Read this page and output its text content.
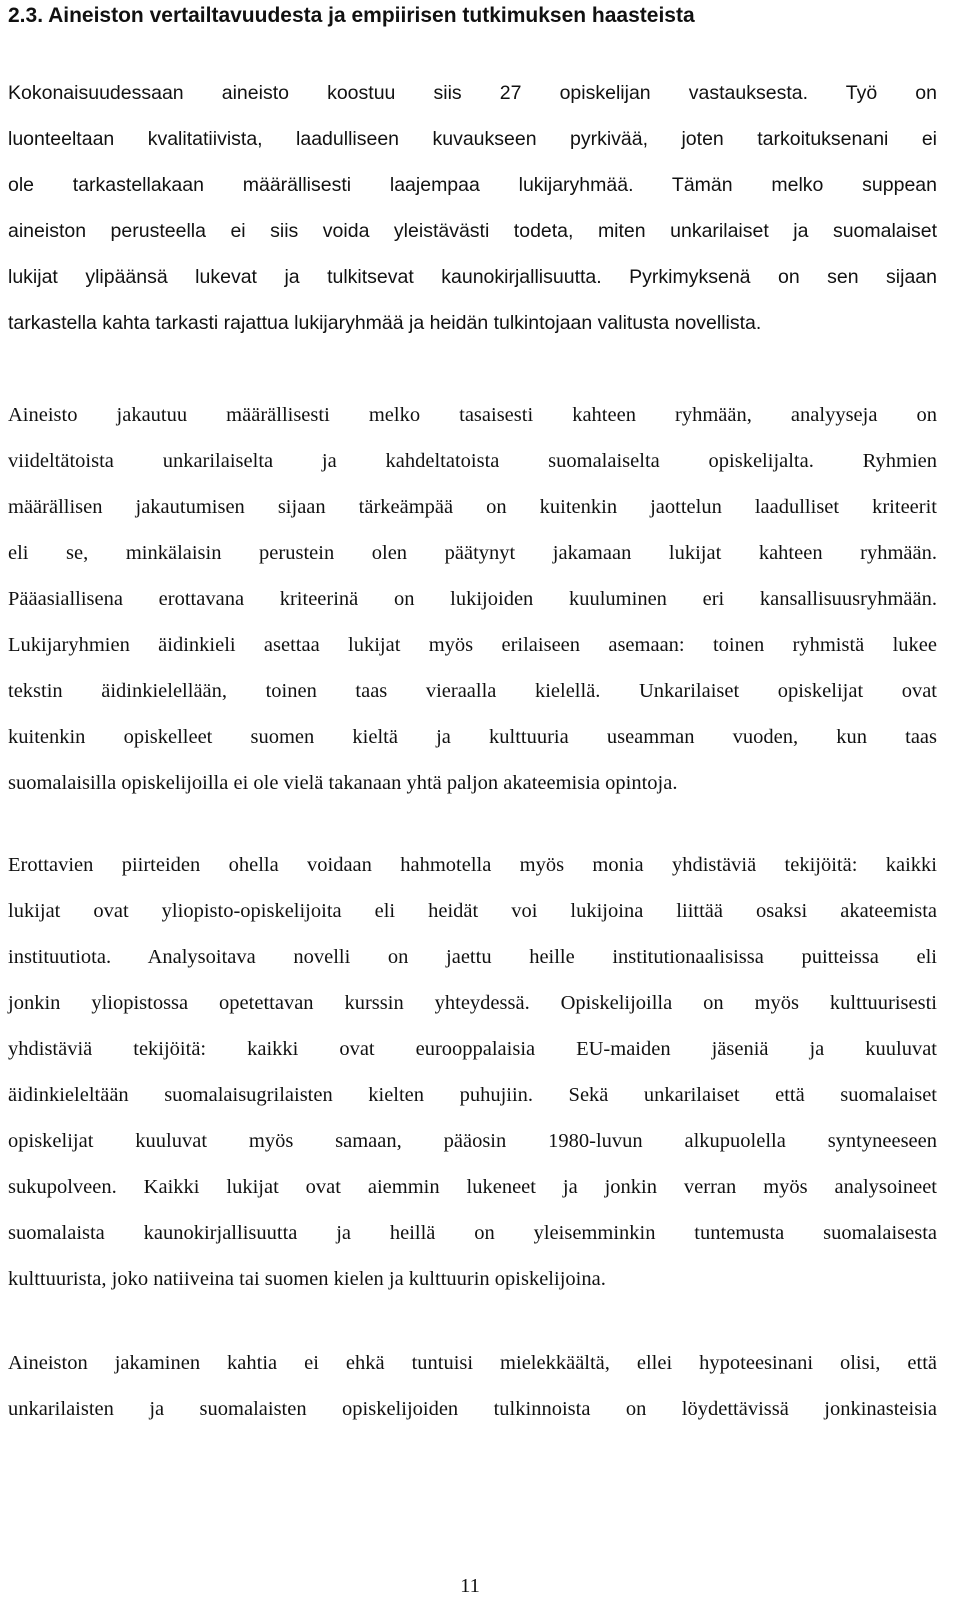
2.3. Aineiston vertailtavuudesta ja empiirisen tutkimuksen haasteista
Kokonaisuudessaan aineisto koostuu siis 27 opiskelijan vastauksesta. Työ on
luonteeltaan kvalitatiivista, laadulliseen kuvaukseen pyrkivää, joten tarkoituksenani ei
ole tarkastellakaan määrällisesti laajempaa lukijaryhmää. Tämän melko suppean
aineiston perusteella ei siis voida yleistävästi todeta, miten unkarilaiset ja suomalaiset
lukijat ylipäänsä lukevat ja tulkitsevat kaunokirjallisuutta. Pyrkimyksenä on sen sijaan
tarkastella kahta tarkasti rajattua lukijaryhmää ja heidän tulkintojaan valitusta novellista.
Aineisto jakautuu määrällisesti melko tasaisesti kahteen ryhmään, analyyseja on
viideltätoista unkarilaiselta ja kahdeltatoista suomalaiselta opiskelijalta. Ryhmien
määrällisen jakautumisen sijaan tärkeämpää on kuitenkin jaottelun laadulliset kriteerit
eli se, minkälaisin perustein olen päätynyt jakamaan lukijat kahteen ryhmään.
Pääasiallisena erottavana kriteerinä on lukijoiden kuuluminen eri kansallisuusryhmään.
Lukijaryhmien äidinkieli asettaa lukijat myös erilaiseen asemaan: toinen ryhmistä lukee
tekstin äidinkielellään, toinen taas vieraalla kielellä. Unkarilaiset opiskelijat ovat
kuitenkin opiskelleet suomen kieltä ja kulttuuria useamman vuoden, kun taas
suomalaisilla opiskelijoilla ei ole vielä takanaan yhtä paljon akateemisia opintoja.
Erottavien piirteiden ohella voidaan hahmotella myös monia yhdistäviä tekijöitä: kaikki
lukijat ovat yliopisto-opiskelijoita eli heidät voi lukijoina liittää osaksi akateemista
instituutiota. Analysoitava novelli on jaettu heille institutionaalisissa puitteissa eli
jonkin yliopistossa opetettavan kurssin yhteydessä. Opiskelijoilla on myös kulttuurisesti
yhdistäviä tekijöitä: kaikki ovat eurooppalaisia EU-maiden jäseniä ja kuuluvat
äidinkieleltään suomalaisugrilaisten kielten puhujiin. Sekä unkarilaiset että suomalaiset
opiskelijat kuuluvat myös samaan, pääosin 1980-luvun alkupuolella syntyneeseen
sukupolveen. Kaikki lukijat ovat aiemmin lukeneet ja jonkin verran myös analysoineet
suomalaista kaunokirjallisuutta ja heillä on yleisemminkin tuntemusta suomalaisesta
kulttuurista, joko natiiveina tai suomen kielen ja kulttuurin opiskelijoina.
Aineiston jakaminen kahtia ei ehkä tuntuisi mielekkäältä, ellei hypoteesinani olisi, että
unkarilaisten ja suomalaisten opiskelijoiden tulkinnoista on löydettävissä jonkinasteisia
11
